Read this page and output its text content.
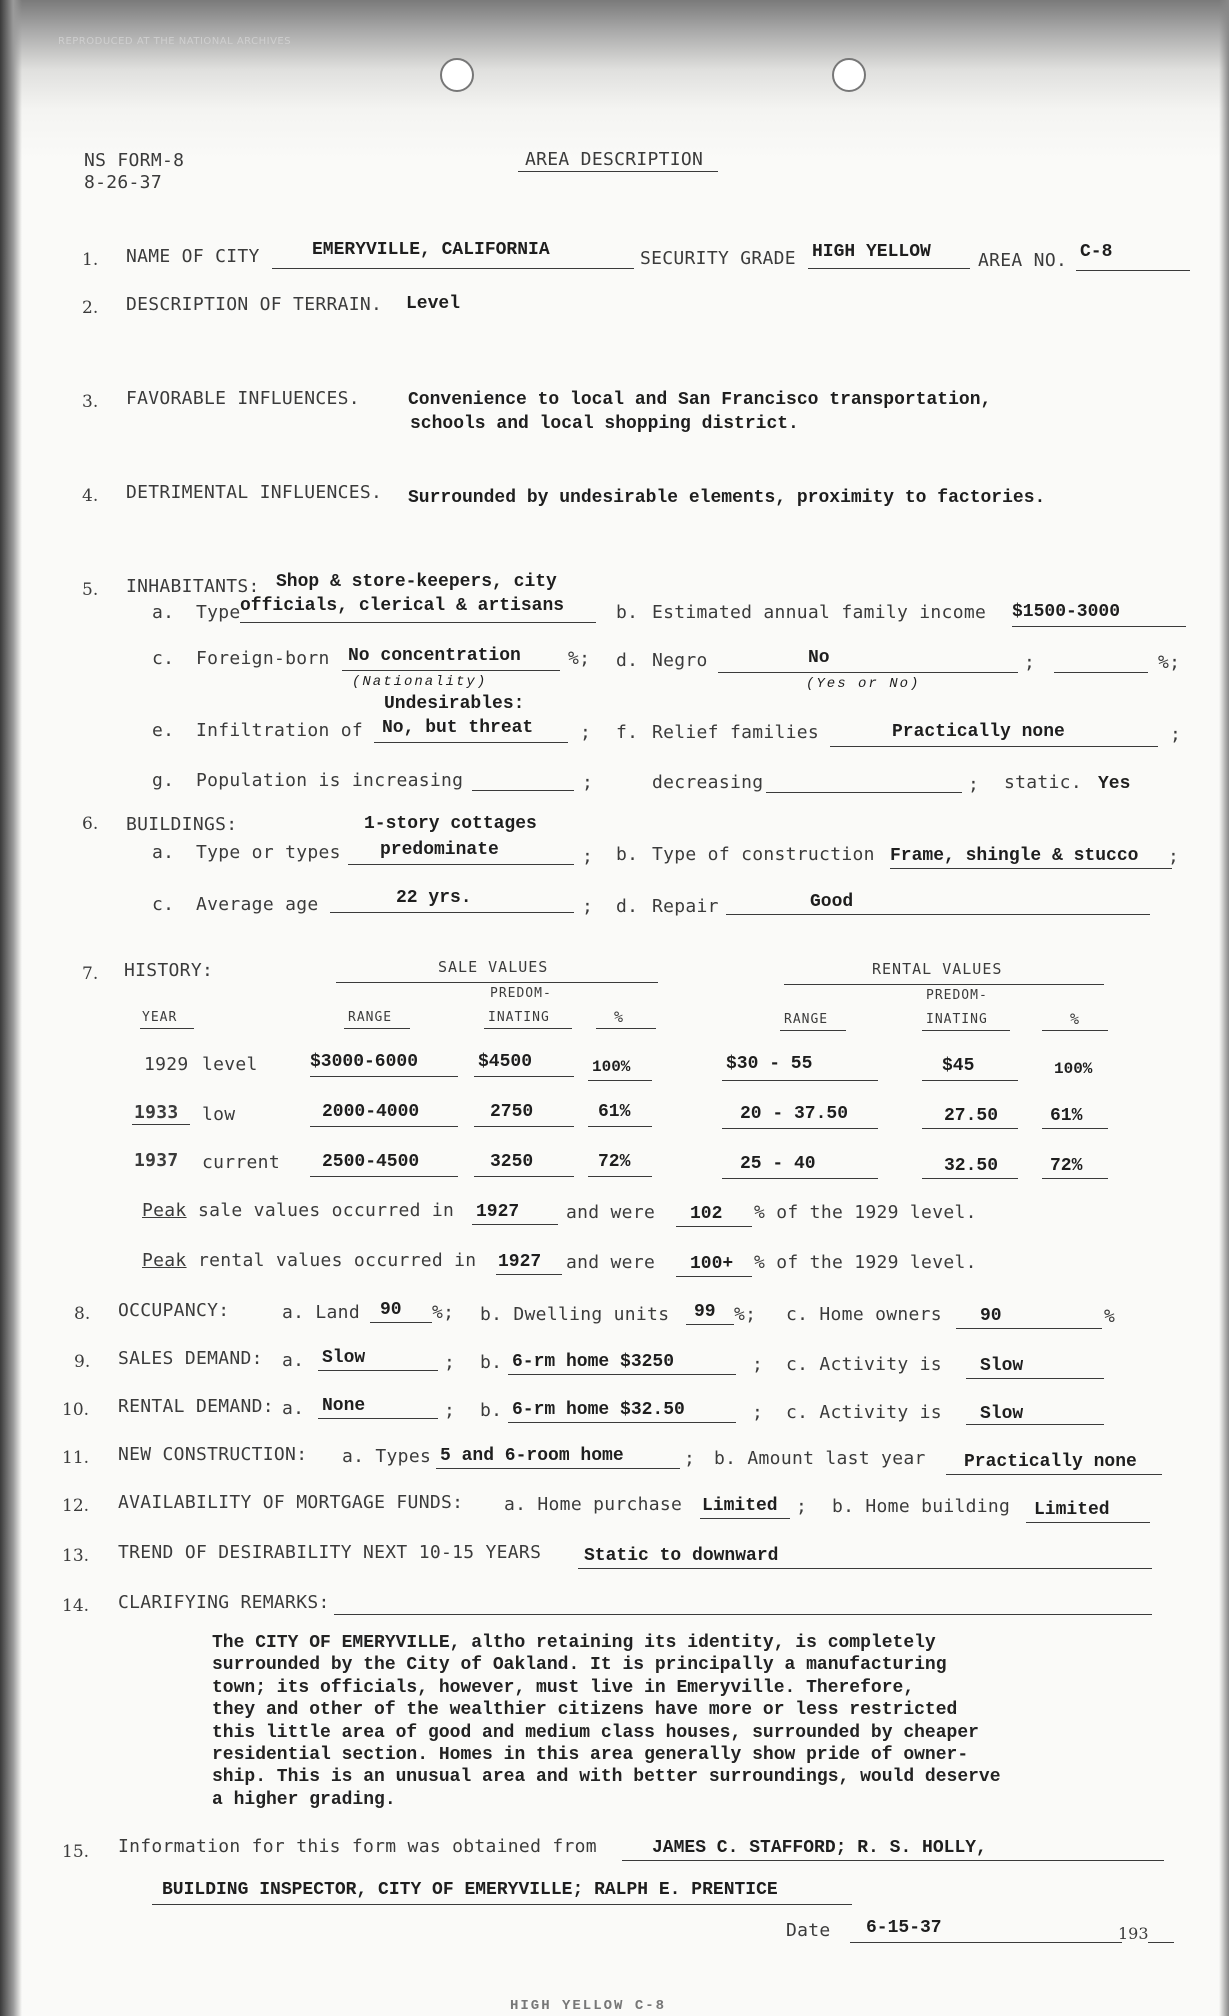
REPRODUCED AT THE NATIONAL ARCHIVES
NS FORM-8
8-26-37
AREA DESCRIPTION
1. NAME OF CITY	EMERYVILLE, CALIFORNIA	SECURITY GRADE HIGH YELLOW	AREA NO. C-8
2. DESCRIPTION OF TERRAIN. Level
3. FAVORABLE INFLUENCES.	Convenience to local and San Francisco transportation,
schools and local shopping district.
4. DETRIMENTAL INFLUENCES. Surrounded by undesirable elements, proximity to factories.
5. INHABITANTS: Shop & store-keepers, city
a. Type officials, clerical & artisans	b. Estimated annual family income $1500-3000
c. Foreign-born No concentration	%;
(Nationality)
d. Negro	No	;	%;
(Yes or No)
Undesirables:
e. Infiltration of No, but threat	; f. Relief families	Practically none	;
g. Population is increasing	;	decreasing	; static. Yes
6. BUILDINGS:	1-story cottages
a. Type or types predominate	; b. Type of construction Frame, shingle & stucco ;
c. Average age	22 yrs.	; d. Repair	Good
7. HISTORY:	SALE VALUES	RENTAL VALUES
PREDOM-	PREDOM-
YEAR	RANGE	INATING	%	RANGE	INATING	%
1929 level	$3000-6000	$4500	100%	$30 - 55	$45	100%
1933 low	2000-4000	2750	61%	20 - 37.50	27.50	61%
1937 current 2500-4500	3250	72%	25 - 40	32.50	72%
Peak sale values occurred in 1927	and were 102 % of the 1929 level.
Peak rental values occurred in 1927 and were 100+ % of the 1929 level.
8. OCCUPANCY:	a. Land 90 %; b. Dwelling units 99 %; c. Home owners 90	%
9. SALES DEMAND: a. Slow	; b. 6-rm home $3250	; c. Activity is Slow
10. RENTAL DEMAND: a. None	; b. 6-rm home $32.50	; c. Activity is Slow
11. NEW CONSTRUCTION: a. Types 5 and 6-room home	; b. Amount last year Practically none
12. AVAILABILITY OF MORTGAGE FUNDS: a. Home purchase Limited ; b. Home building Limited
13. TREND OF DESIRABILITY NEXT 10-15 YEARS Static to downward
14. CLARIFYING REMARKS:
The CITY OF EMERYVILLE, altho retaining its identity, is completely
surrounded by the City of Oakland. It is principally a manufacturing
town; its officials, however, must live in Emeryville. Therefore,
they and other of the wealthier citizens have more or less restricted
this little area of good and medium class houses, surrounded by cheaper
residential section. Homes in this area generally show pride of owner-
ship. This is an unusual area and with better surroundings, would deserve
a higher grading.
15. Information for this form was obtained from	JAMES C. STAFFORD; R. S. HOLLY,
BUILDING INSPECTOR, CITY OF EMERYVILLE; RALPH E. PRENTICE
Date 6-15-37	193
HIGH YELLOW C-8
